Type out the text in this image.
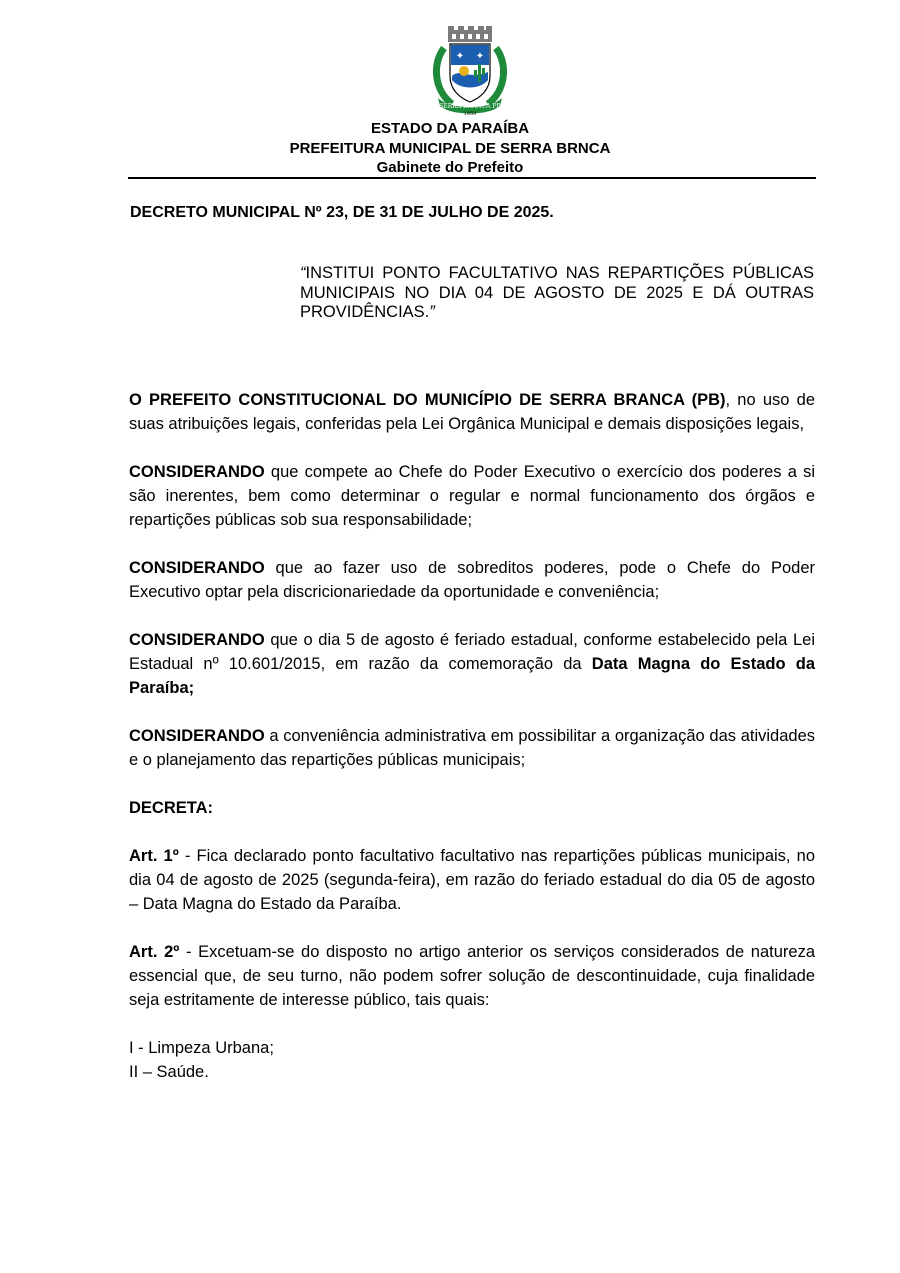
✦ ✦
SERRA BRANCA PB
1959
ESTADO DA PARAÍBA
PREFEITURA MUNICIPAL DE SERRA BRNCA
Gabinete do Prefeito
DECRETO MUNICIPAL Nº 23, DE 31 DE JULHO DE 2025.
“INSTITUI PONTO FACULTATIVO NAS REPARTIÇÕES PÚBLICAS MUNICIPAIS NO DIA 04 DE AGOSTO DE 2025 E DÁ OUTRAS PROVIDÊNCIAS.”

O PREFEITO CONSTITUCIONAL DO MUNICÍPIO DE SERRA BRANCA (PB), no uso de suas atribuições legais, conferidas pela Lei Orgânica Municipal e demais disposições legais,

CONSIDERANDO que compete ao Chefe do Poder Executivo o exercício dos poderes a si são inerentes, bem como determinar o regular e normal funcionamento dos órgãos e repartições públicas sob sua responsabilidade;

CONSIDERANDO que ao fazer uso de sobreditos poderes, pode o Chefe do Poder Executivo optar pela discricionariedade da oportunidade e conveniência;

CONSIDERANDO que o dia 5 de agosto é feriado estadual, conforme estabelecido pela Lei Estadual nº 10.601/2015, em razão da comemoração da Data Magna do Estado da Paraíba;

CONSIDERANDO a conveniência administrativa em possibilitar a organização das atividades e o planejamento das repartições públicas municipais;

DECRETA:

Art. 1º - Fica declarado ponto facultativo facultativo nas repartições públicas municipais, no dia 04 de agosto de 2025 (segunda-feira), em razão do feriado estadual do dia 05 de agosto – Data Magna do Estado da Paraíba.

Art. 2º - Excetuam-se do disposto no artigo anterior os serviços considerados de natureza essencial que, de seu turno, não podem sofrer solução de descontinuidade, cuja finalidade seja estritamente de interesse público, tais quais:

I - Limpeza Urbana;
II – Saúde.
